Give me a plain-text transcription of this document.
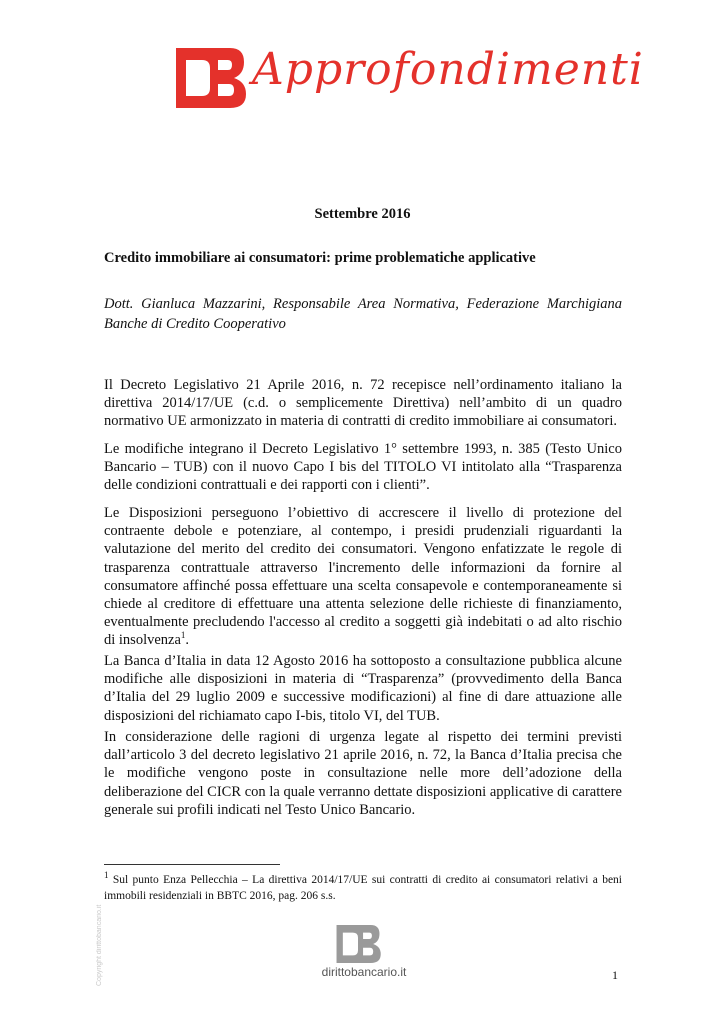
Approfondimenti
Settembre 2016
Credito immobiliare ai consumatori: prime problematiche applicative
Dott. Gianluca Mazzarini, Responsabile Area Normativa, Federazione Marchigiana Banche di Credito Cooperativo

Il Decreto Legislativo 21 Aprile 2016, n. 72 recepisce nell’ordinamento italiano la direttiva 2014/17/UE (c.d. o semplicemente Direttiva) nell’ambito di un quadro normativo UE armonizzato in materia di contratti di credito immobiliare ai consumatori.

Le modifiche integrano il Decreto Legislativo 1° settembre 1993, n. 385 (Testo Unico Bancario – TUB) con il nuovo Capo I bis del TITOLO VI intitolato alla “Trasparenza delle condizioni contrattuali e dei rapporti con i clienti”.

Le Disposizioni perseguono l’obiettivo di accrescere il livello di protezione del contraente debole e potenziare, al contempo, i presidi prudenziali riguardanti la valutazione del merito del credito dei consumatori. Vengono enfatizzate le regole di trasparenza contrattuale attraverso l'incremento delle informazioni da fornire al consumatore affinché possa effettuare una scelta consapevole e contemporaneamente si chiede al creditore di effettuare una attenta selezione delle richieste di finanziamento, eventualmente precludendo l'accesso al credito a soggetti già indebitati o ad alto rischio di insolvenza$^1$.

La Banca d’Italia in data 12 Agosto 2016 ha sottoposto a consultazione pubblica alcune modifiche alle disposizioni in materia di “Trasparenza” (provvedimento della Banca d’Italia del 29 luglio 2009 e successive modificazioni) al fine di dare attuazione alle disposizioni del richiamato capo I-bis, titolo VI, del TUB.

In considerazione delle ragioni di urgenza legate al rispetto dei termini previsti dall’articolo 3 del decreto legislativo 21 aprile 2016, n. 72, la Banca d’Italia precisa che le modifiche vengono poste in consultazione nelle more dell’adozione della deliberazione del CICR con la quale verranno dettate disposizioni applicative di carattere generale sui profili indicati nel Testo Unico Bancario.

$^1$ Sul punto Enza Pellecchia – La direttiva 2014/17/UE sui contratti di credito ai consumatori relativi a beni immobili residenziali in BBTC 2016, pag. 206 s.s.
Copyright dirittobancario.it	dirittobancario.it	1
